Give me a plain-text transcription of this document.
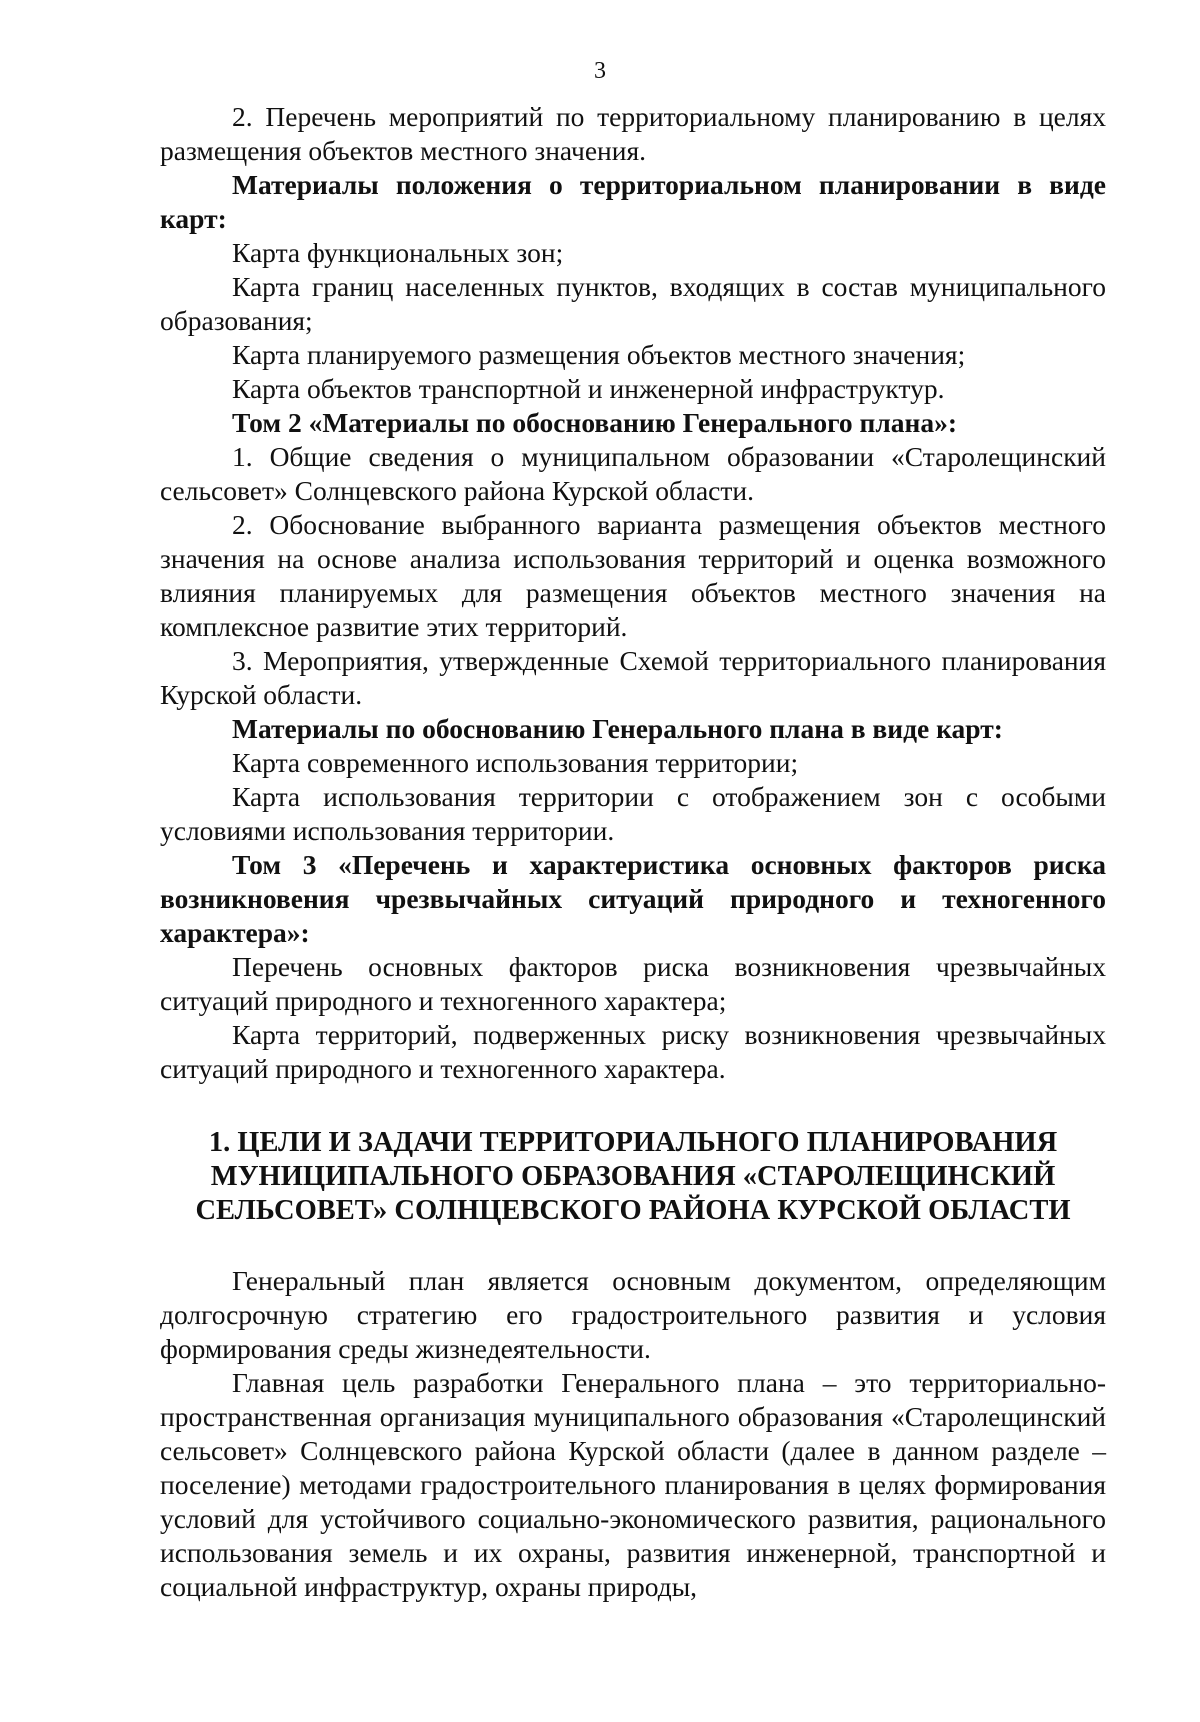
3

2. Перечень мероприятий по территориальному планированию в целях размещения объектов местного значения.

Материалы положения о территориальном планировании в виде карт:

Карта функциональных зон;

Карта границ населенных пунктов, входящих в состав муниципального образования;

Карта планируемого размещения объектов местного значения;

Карта объектов транспортной и инженерной инфраструктур.

Том 2 «Материалы по обоснованию Генерального плана»:

1. Общие сведения о муниципальном образовании «Старолещинский сельсовет» Солнцевского района Курской области.

2. Обоснование выбранного варианта размещения объектов местного значения на основе анализа использования территорий и оценка возможного влияния планируемых для размещения объектов местного значения на комплексное развитие этих территорий.

3. Мероприятия, утвержденные Схемой территориального планирования Курской области.

Материалы по обоснованию Генерального плана в виде карт:

Карта современного использования территории;

Карта использования территории с отображением зон с особыми условиями использования территории.

Том 3 «Перечень и характеристика основных факторов риска возникновения чрезвычайных ситуаций природного и техногенного характера»:

Перечень основных факторов риска возникновения чрезвычайных ситуаций природного и техногенного характера;

Карта территорий, подверженных риску возникновения чрезвычайных ситуаций природного и техногенного характера.

1. ЦЕЛИ И ЗАДАЧИ ТЕРРИТОРИАЛЬНОГО ПЛАНИРОВАНИЯ МУНИЦИПАЛЬНОГО ОБРАЗОВАНИЯ «СТАРОЛЕЩИНСКИЙ СЕЛЬСОВЕТ» СОЛНЦЕВСКОГО РАЙОНА КУРСКОЙ ОБЛАСТИ

Генеральный план является основным документом, определяющим долгосрочную стратегию его градостроительного развития и условия формирования среды жизнедеятельности.

Главная цель разработки Генерального плана – это территориально-пространственная организация муниципального образования «Старолещинский сельсовет» Солнцевского района Курской области (далее в данном разделе – поселение) методами градостроительного планирования в целях формирования условий для устойчивого социально-экономического развития, рационального использования земель и их охраны, развития инженерной, транспортной и социальной инфраструктур, охраны природы,
